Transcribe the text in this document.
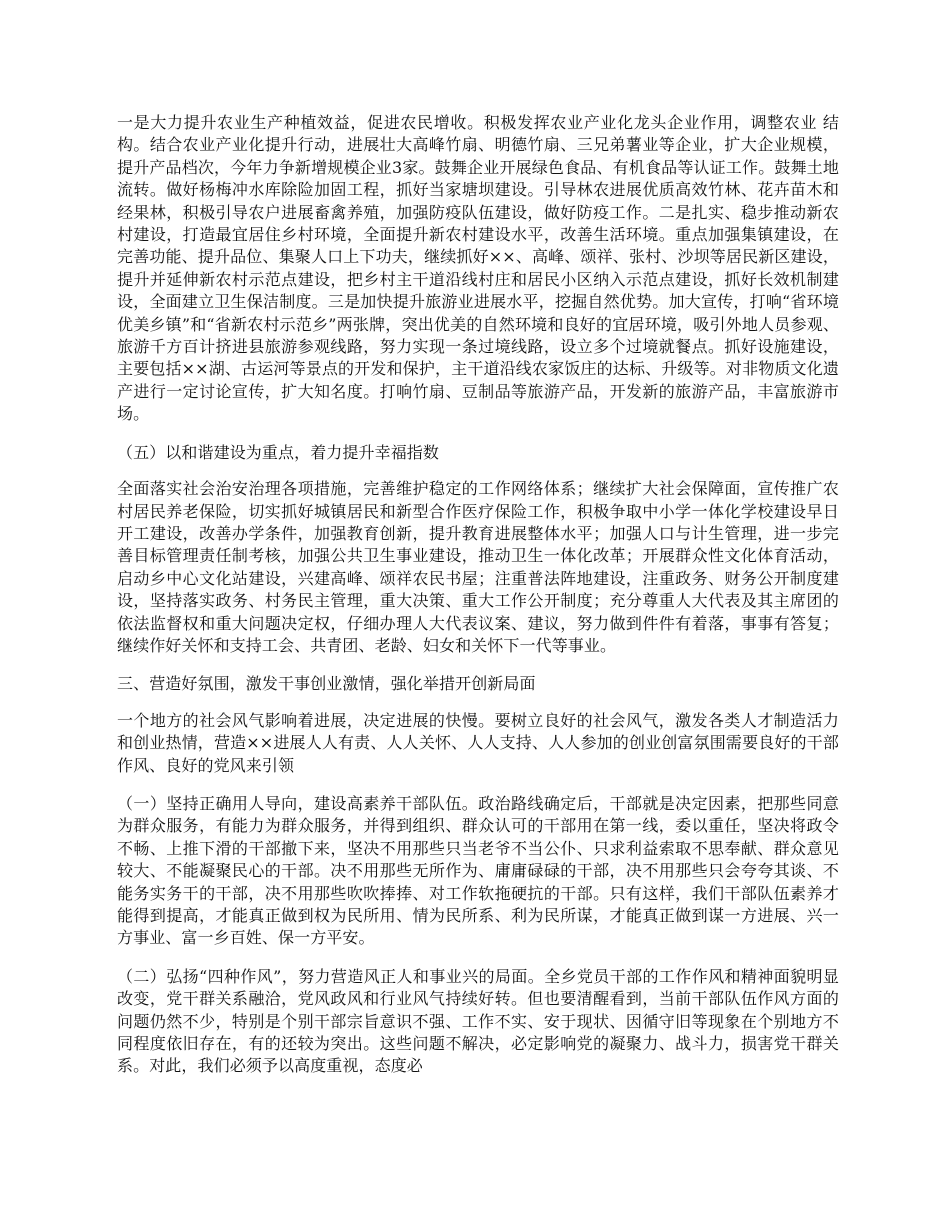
一是大力提升农业生产种植效益，促进农民增收。积极发挥农业产业化龙头企业作用，调整农业 结构。结合农业产业化提升行动，进展壮大高峰竹扇、明德竹扇、三兄弟薯业等企业，扩大企业规模，提升产品档次，今年力争新增规模企业3家。鼓舞企业开展绿色食品、有机食品等认证工作。鼓舞土地流转。做好杨梅冲水库除险加固工程，抓好当家塘坝建设。引导林农进展优质高效竹林、花卉苗木和经果林，积极引导农户进展畜禽养殖，加强防疫队伍建设，做好防疫工作。二是扎实、稳步推动新农村建设，打造最宜居住乡村环境，全面提升新农村建设水平，改善生活环境。重点加强集镇建设，在完善功能、提升品位、集聚人口上下功夫，继续抓好××、高峰、颂祥、张村、沙坝等居民新区建设，提升并延伸新农村示范点建设，把乡村主干道沿线村庄和居民小区纳入示范点建设，抓好长效机制建设，全面建立卫生保洁制度。三是加快提升旅游业进展水平，挖掘自然优势。加大宣传，打响“省环境优美乡镇”和“省新农村示范乡”两张牌，突出优美的自然环境和良好的宜居环境，吸引外地人员参观、旅游千方百计挤进县旅游参观线路，努力实现一条过境线路，设立多个过境就餐点。抓好设施建设，主要包括××湖、古运河等景点的开发和保护，主干道沿线农家饭庄的达标、升级等。对非物质文化遗产进行一定讨论宣传，扩大知名度。打响竹扇、豆制品等旅游产品，开发新的旅游产品，丰富旅游市场。

（五）以和谐建设为重点，着力提升幸福指数

全面落实社会治安治理各项措施，完善维护稳定的工作网络体系；继续扩大社会保障面，宣传推广农村居民养老保险，切实抓好城镇居民和新型合作医疗保险工作，积极争取中小学一体化学校建设早日开工建设，改善办学条件，加强教育创新，提升教育进展整体水平；加强人口与计生管理，进一步完善目标管理责任制考核，加强公共卫生事业建设，推动卫生一体化改革；开展群众性文化体育活动，启动乡中心文化站建设，兴建高峰、颂祥农民书屋；注重普法阵地建设，注重政务、财务公开制度建设，坚持落实政务、村务民主管理，重大决策、重大工作公开制度；充分尊重人大代表及其主席团的依法监督权和重大问题决定权，仔细办理人大代表议案、建议，努力做到件件有着落，事事有答复；继续作好关怀和支持工会、共青团、老龄、妇女和关怀下一代等事业。

三、营造好氛围，激发干事创业激情，强化举措开创新局面

一个地方的社会风气影响着进展，决定进展的快慢。要树立良好的社会风气，激发各类人才制造活力和创业热情，营造××进展人人有责、人人关怀、人人支持、人人参加的创业创富氛围需要良好的干部作风、良好的党风来引领

（一）坚持正确用人导向，建设高素养干部队伍。政治路线确定后，干部就是决定因素，把那些同意为群众服务，有能力为群众服务，并得到组织、群众认可的干部用在第一线，委以重任，坚决将政令不畅、上推下滑的干部撤下来，坚决不用那些只当老爷不当公仆、只求利益索取不思奉献、群众意见较大、不能凝聚民心的干部。决不用那些无所作为、庸庸碌碌的干部，决不用那些只会夸夸其谈、不能务实务干的干部，决不用那些吹吹捧捧、对工作软拖硬抗的干部。只有这样，我们干部队伍素养才能得到提高，才能真正做到权为民所用、情为民所系、利为民所谋，才能真正做到谋一方进展、兴一方事业、富一乡百姓、保一方平安。

（二）弘扬“四种作风”，努力营造风正人和事业兴的局面。全乡党员干部的工作作风和精神面貌明显改变，党干群关系融洽，党风政风和行业风气持续好转。但也要清醒看到，当前干部队伍作风方面的问题仍然不少，特别是个别干部宗旨意识不强、工作不实、安于现状、因循守旧等现象在个别地方不同程度依旧存在，有的还较为突出。这些问题不解决，必定影响党的凝聚力、战斗力，损害党干群关系。对此，我们必须予以高度重视，态度必
